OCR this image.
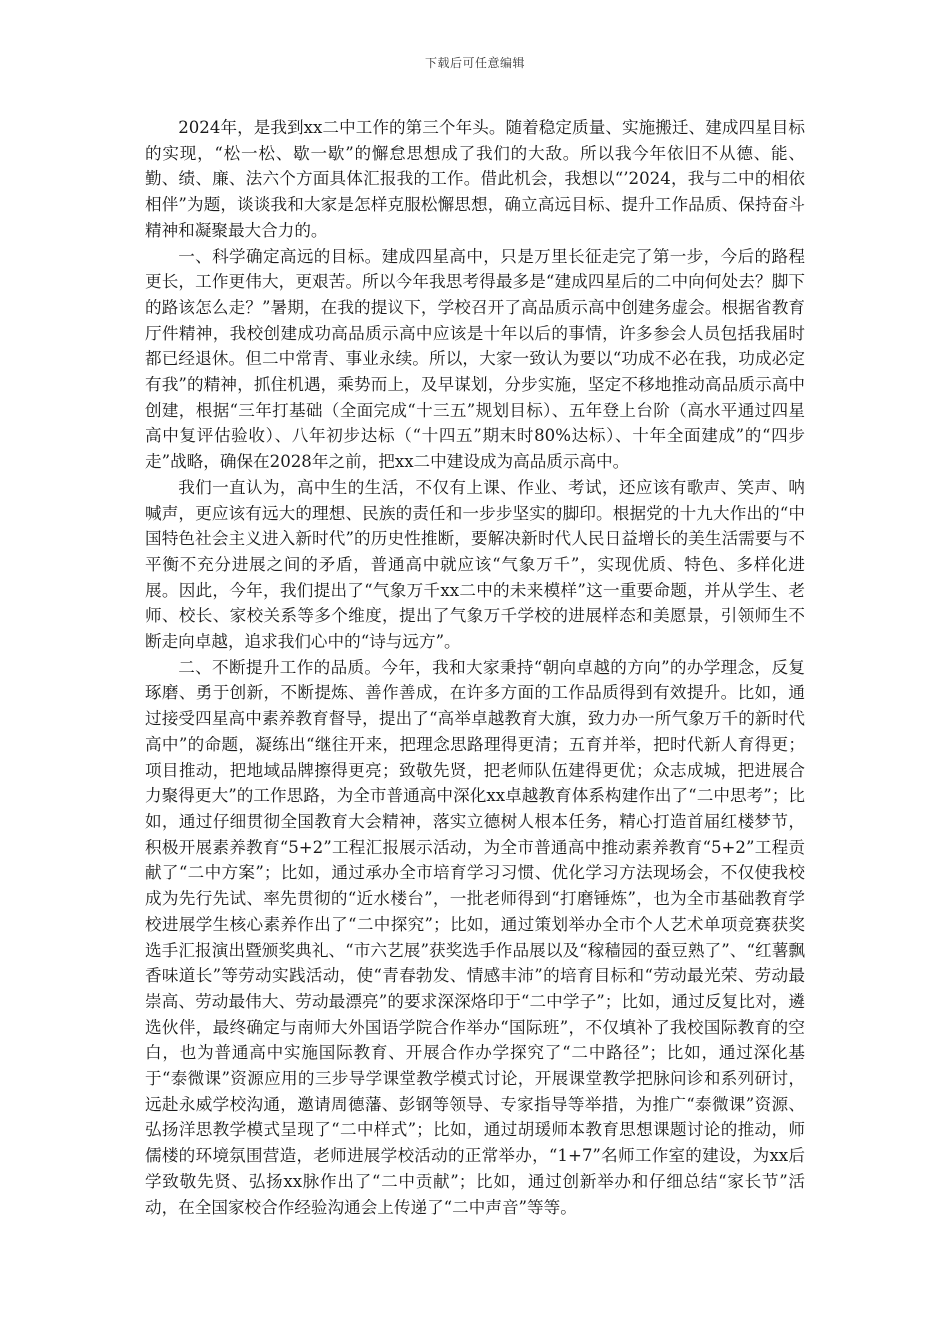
下载后可任意编辑

2024年，是我到xx二中工作的第三个年头。随着稳定质量、实施搬迁、建成四星目标的实现，“松一松、歇一歇”的懈怠思想成了我们的大敌。所以我今年依旧不从德、能、勤、绩、廉、法六个方面具体汇报我的工作。借此机会，我想以“’2024，我与二中的相依相伴”为题，谈谈我和大家是怎样克服松懈思想，确立高远目标、提升工作品质、保持奋斗精神和凝聚最大合力的。

一、科学确定高远的目标。建成四星高中，只是万里长征走完了第一步，今后的路程更长，工作更伟大，更艰苦。所以今年我思考得最多是“建成四星后的二中向何处去？脚下的路该怎么走？”暑期，在我的提议下，学校召开了高品质示高中创建务虚会。根据省教育厅件精神，我校创建成功高品质示高中应该是十年以后的事情，许多参会人员包括我届时都已经退休。但二中常青、事业永续。所以，大家一致认为要以“功成不必在我，功成必定有我”的精神，抓住机遇，乘势而上，及早谋划，分步实施，坚定不移地推动高品质示高中创建，根据“三年打基础（全面完成“十三五”规划目标）、五年登上台阶（高水平通过四星高中复评估验收）、八年初步达标（“十四五”期末时80%达标）、十年全面建成”的“四步走”战略，确保在2028年之前，把xx二中建设成为高品质示高中。

我们一直认为，高中生的生活，不仅有上课、作业、考试，还应该有歌声、笑声、呐喊声，更应该有远大的理想、民族的责任和一步步坚实的脚印。根据党的十九大作出的“中国特色社会主义进入新时代”的历史性推断，要解决新时代人民日益增长的美生活需要与不平衡不充分进展之间的矛盾，普通高中就应该“气象万千”，实现优质、特色、多样化进展。因此，今年，我们提出了“气象万千xx二中的未来模样”这一重要命题，并从学生、老师、校长、家校关系等多个维度，提出了气象万千学校的进展样态和美愿景，引领师生不断走向卓越，追求我们心中的“诗与远方”。

二、不断提升工作的品质。今年，我和大家秉持“朝向卓越的方向”的办学理念，反复琢磨、勇于创新，不断提炼、善作善成，在许多方面的工作品质得到有效提升。比如，通过接受四星高中素养教育督导，提出了“高举卓越教育大旗，致力办一所气象万千的新时代高中”的命题，凝练出“继往开来，把理念思路理得更清；五育并举，把时代新人育得更；项目推动，把地域品牌擦得更亮；致敬先贤，把老师队伍建得更优；众志成城，把进展合力聚得更大”的工作思路，为全市普通高中深化xx卓越教育体系构建作出了“二中思考”；比如，通过仔细贯彻全国教育大会精神，落实立德树人根本任务，精心打造首届红楼梦节，积极开展素养教育“5+2”工程汇报展示活动，为全市普通高中推动素养教育“5+2”工程贡献了“二中方案”；比如，通过承办全市培育学习习惯、优化学习方法现场会，不仅使我校成为先行先试、率先贯彻的“近水楼台”，一批老师得到“打磨锤炼”，也为全市基础教育学校进展学生核心素养作出了“二中探究”；比如，通过策划举办全市个人艺术单项竞赛获奖选手汇报演出暨颁奖典礼、“市六艺展”获奖选手作品展以及“稼穑园的蚕豆熟了”、“红薯飘香味道长”等劳动实践活动，使“青春勃发、情感丰沛”的培育目标和“劳动最光荣、劳动最崇高、劳动最伟大、劳动最漂亮”的要求深深烙印于“二中学子”；比如，通过反复比对，遴选伙伴，最终确定与南师大外国语学院合作举办“国际班”，不仅填补了我校国际教育的空白，也为普通高中实施国际教育、开展合作办学探究了“二中路径”；比如，通过深化基于“泰微课”资源应用的三步导学课堂教学模式讨论，开展课堂教学把脉问诊和系列研讨，远赴永威学校沟通，邀请周德藩、彭钢等领导、专家指导等举措，为推广“泰微课”资源、弘扬洋思教学模式呈现了“二中样式”；比如，通过胡瑗师本教育思想课题讨论的推动，师儒楼的环境氛围营造，老师进展学校活动的正常举办，“1+7”名师工作室的建设，为xx后学致敬先贤、弘扬xx脉作出了“二中贡献”；比如，通过创新举办和仔细总结“家长节”活动，在全国家校合作经验沟通会上传递了“二中声音”等等。
